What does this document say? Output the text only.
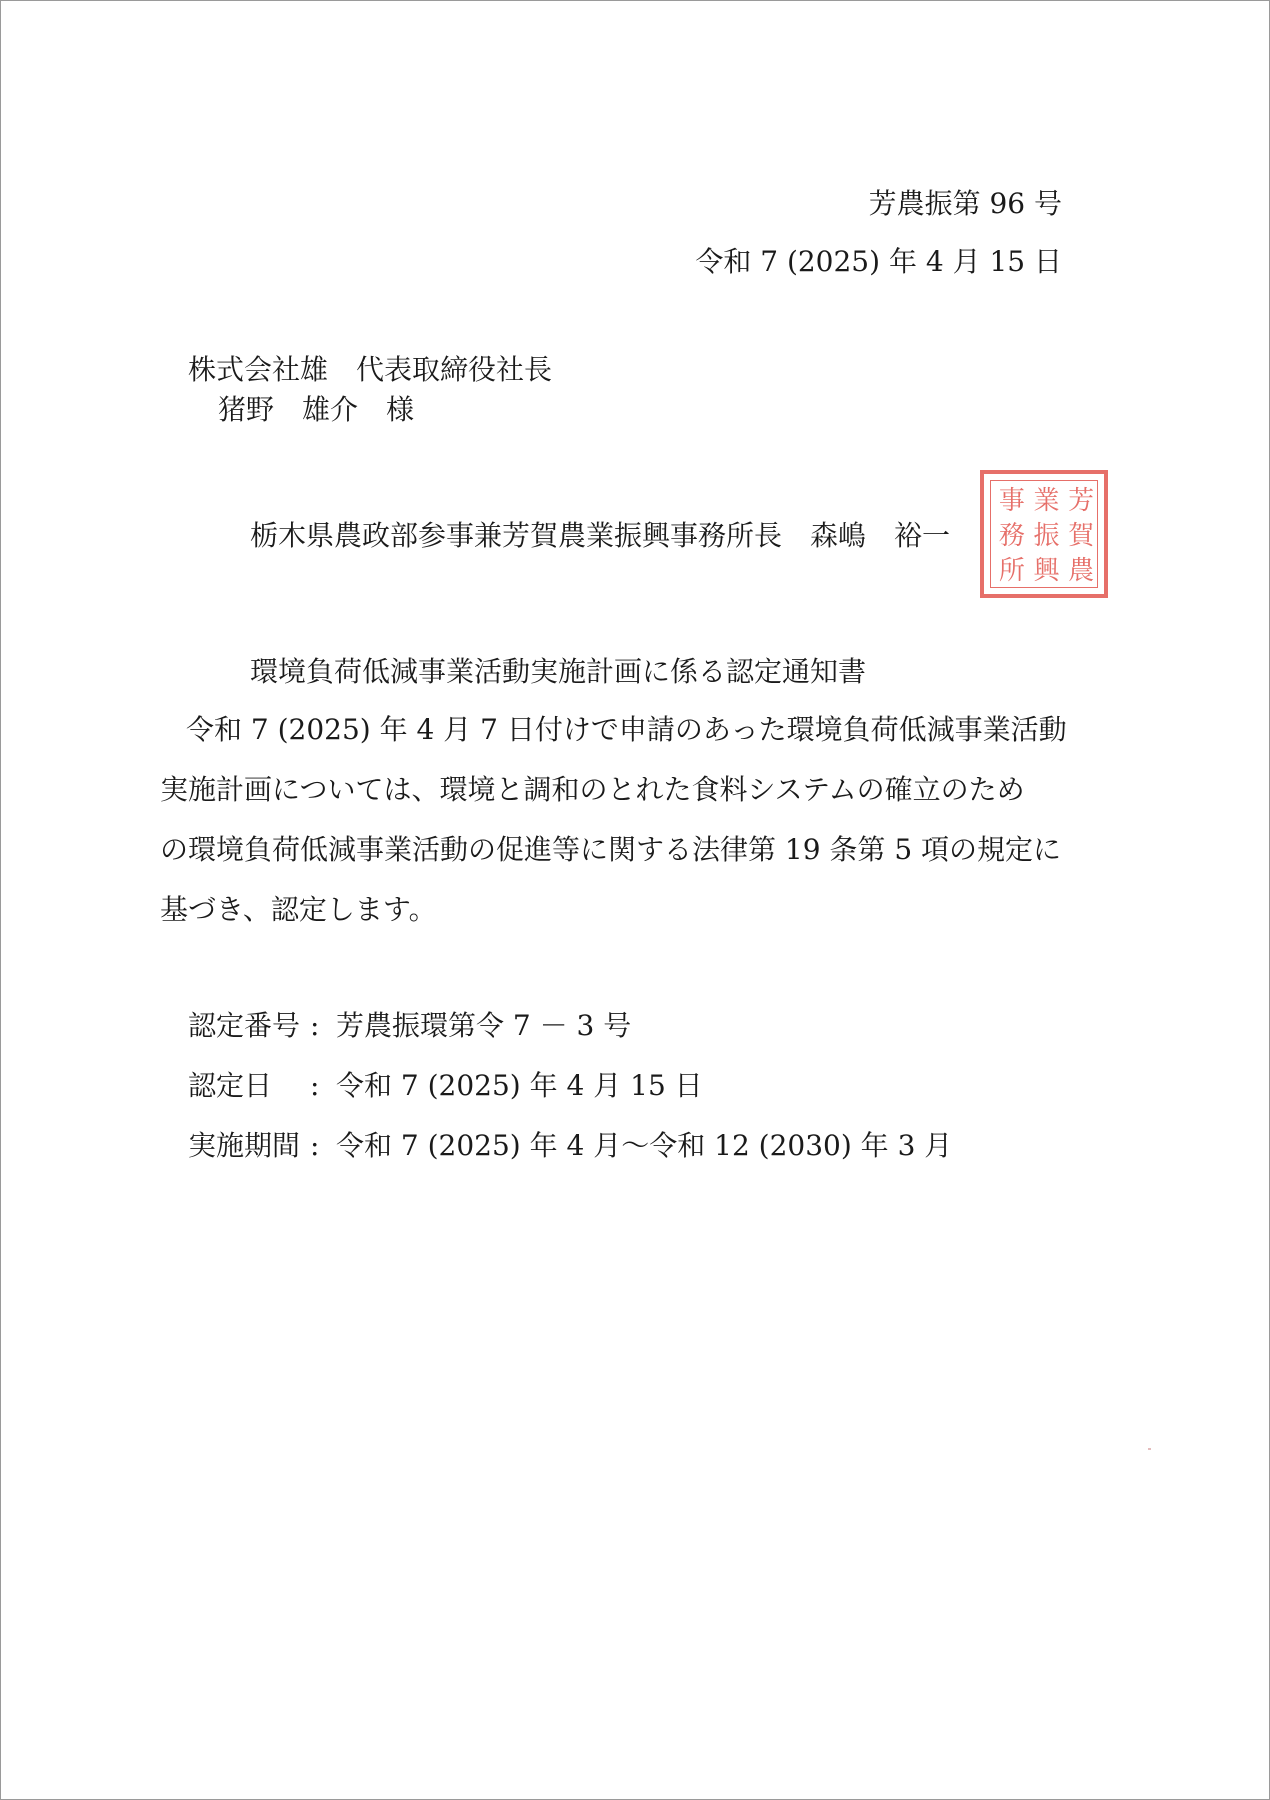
芳農振第 96 号
令和 7 (2025) 年 4 月 15 日
株式会社雄　代表取締役社長
猪野　雄介　様
栃木県農政部参事兼芳賀農業振興事務所長　森嶋　裕一
芳
賀
農
業
振
興
事
務
所
環境負荷低減事業活動実施計画に係る認定通知書
令和 7 (2025) 年 4 月 7 日付けで申請のあった環境負荷低減事業活動
実施計画については、環境と調和のとれた食料システムの確立のため
の環境負荷低減事業活動の促進等に関する法律第 19 条第 5 項の規定に
基づき、認定します。
認定番号 : 芳農振環第令 7 － 3 号
認定日 : 令和 7 (2025) 年 4 月 15 日
実施期間 : 令和 7 (2025) 年 4 月～令和 12 (2030) 年 3 月
